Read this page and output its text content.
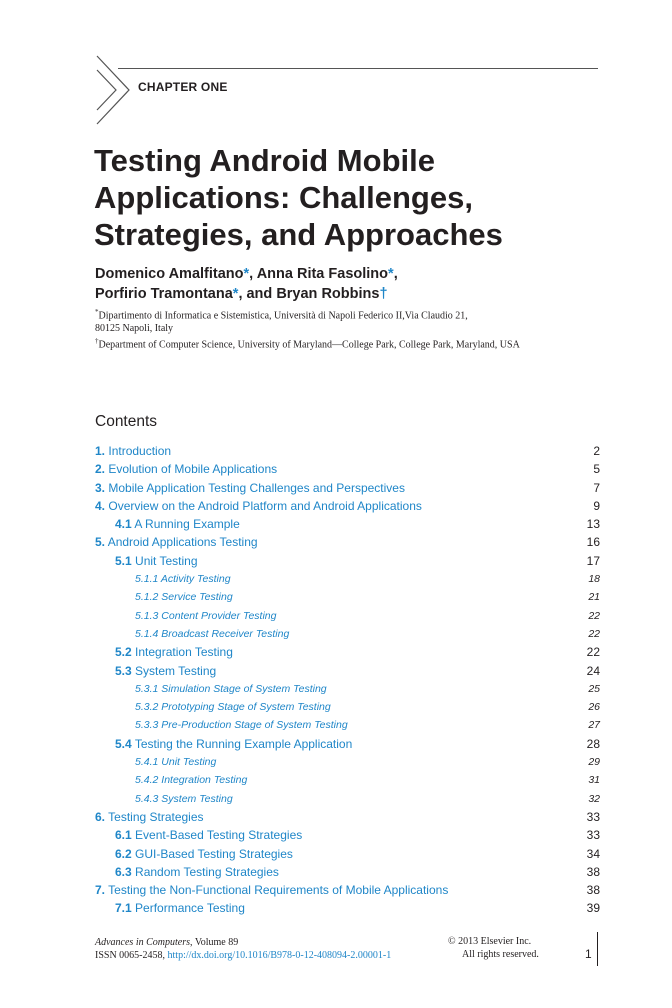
CHAPTER ONE
Testing Android Mobile
Applications: Challenges,
Strategies, and Approaches
Domenico Amalfitano*, Anna Rita Fasolino*,
Porfirio Tramontana*, and Bryan Robbins†
*Dipartimento di Informatica e Sistemistica, Università di Napoli Federico II,Via Claudio 21,
80125 Napoli, Italy
†Department of Computer Science, University of Maryland—College Park, College Park, Maryland, USA
Contents
1. Introduction	2
2. Evolution of Mobile Applications	5
3. Mobile Application Testing Challenges and Perspectives	7
4. Overview on the Android Platform and Android Applications	9
4.1 A Running Example	13
5. Android Applications Testing	16
5.1 Unit Testing	17
5.1.1 Activity Testing	18
5.1.2 Service Testing	21
5.1.3 Content Provider Testing	22
5.1.4 Broadcast Receiver Testing	22
5.2 Integration Testing	22
5.3 System Testing	24
5.3.1 Simulation Stage of System Testing	25
5.3.2 Prototyping Stage of System Testing	26
5.3.3 Pre-Production Stage of System Testing	27
5.4 Testing the Running Example Application	28
5.4.1 Unit Testing	29
5.4.2 Integration Testing	31
5.4.3 System Testing	32
6. Testing Strategies	33
6.1 Event-Based Testing Strategies	33
6.2 GUI-Based Testing Strategies	34
6.3 Random Testing Strategies	38
7. Testing the Non-Functional Requirements of Mobile Applications	38
7.1 Performance Testing	39
Advances in Computers, Volume 89
ISSN 0065-2458, http://dx.doi.org/10.1016/B978-0-12-408094-2.00001-1
© 2013 Elsevier Inc.
All rights reserved.	1
